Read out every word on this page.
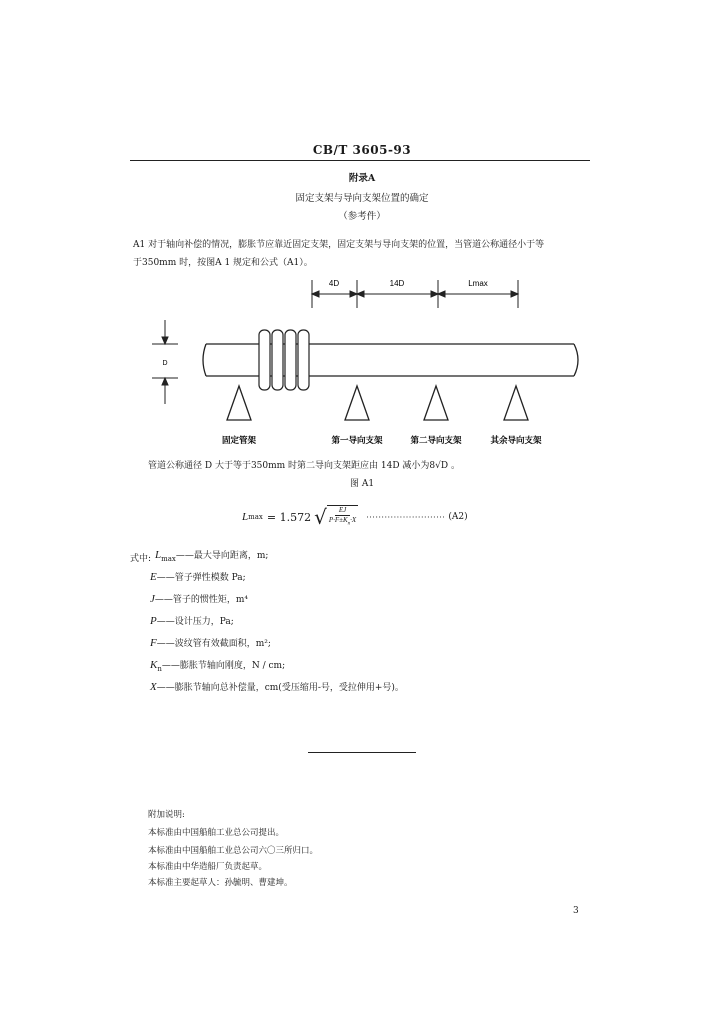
CB/T 3605-93
附录A
固定支架与导向支架位置的确定
（参考件）
A1 对于轴向补偿的情况，膨胀节应靠近固定支架，固定支架与导向支架的位置，当管道公称通径小于等
于350mm 时，按图A 1 规定和公式（A1）。
4D	14D	Lmax
D
固定管架	第一导向支架	第二导向支架	其余导向支架
管道公称通径 D 大于等于350mm 时第二导向支架距应由 14D 减小为8√D 。
图 A1
L max = 1.572 √	EJ
$P\cdot F\pm K_n\cdot X$ ·························· (A2)
式中: $L_{max}——$最大导向距离，m;
E——管子弹性模数 Pa;
J——管子的惯性矩，m⁴
P——设计压力，Pa;
F——波纹管有效截面积，m²;
$K_n——$膨胀节轴向刚度，N / cm;
X——膨胀节轴向总补偿量，cm(受压缩用-号，受拉伸用+号)。
附加说明:
本标准由中国船舶工业总公司提出。
本标准由中国船舶工业总公司六〇三所归口。
本标准由中华造船厂负责起草。
本标准主要起草人：孙毓明、曹建坤。
3
